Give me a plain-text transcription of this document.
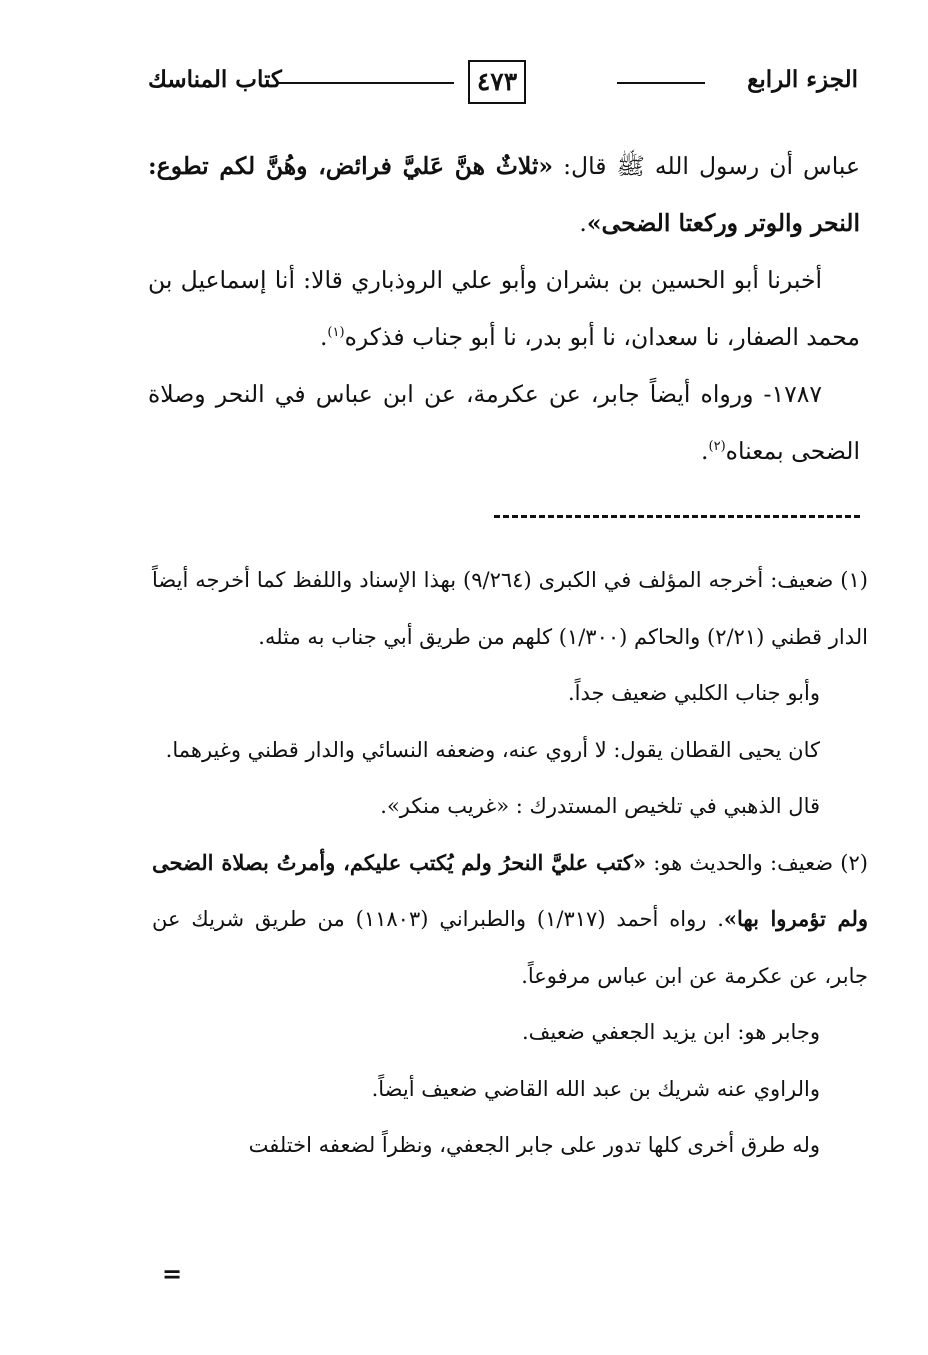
الجزء الرابع
٤٧٣
كتاب المناسك

عباس أن رسول الله ﷺ قال: «ثلاثٌ هنَّ عَليَّ فرائض، وهُنَّ لكم تطوع: النحر والوتر وركعتا الضحى».

أخبرنا أبو الحسين بن بشران وأبو علي الروذباري قالا: أنا إسماعيل بن محمد الصفار، نا سعدان، نا أبو بدر، نا أبو جناب فذكره$^{(١)}$.

١٧٨٧- ورواه أيضاً جابر، عن عكرمة، عن ابن عباس في النحر وصلاة الضحى بمعناه$^{(٢)}$.

(١) ضعيف: أخرجه المؤلف في الكبرى (٩/٢٦٤) بهذا الإسناد واللفظ كما أخرجه أيضاً الدار قطني (٢/٢١) والحاكم (١/٣٠٠) كلهم من طريق أبي جناب به مثله.

وأبو جناب الكلبي ضعيف جداً.

كان يحيى القطان يقول: لا أروي عنه، وضعفه النسائي والدار قطني وغيرهما.

قال الذهبي في تلخيص المستدرك : «غريب منكر».

(٢) ضعيف: والحديث هو: «كتب عليَّ النحرُ ولم يُكتب عليكم، وأمرتُ بصلاة الضحى ولم تؤمروا بها». رواه أحمد (١/٣١٧) والطبراني (١١٨٠٣) من طريق شريك عن جابر، عن عكرمة عن ابن عباس مرفوعاً.

وجابر هو: ابن يزيد الجعفي ضعيف.

والراوي عنه شريك بن عبد الله القاضي ضعيف أيضاً.

وله طرق أخرى كلها تدور على جابر الجعفي، ونظراً لضعفه اختلفت

=
